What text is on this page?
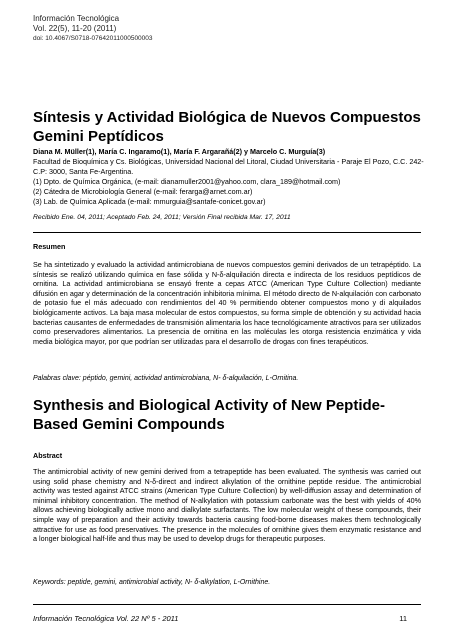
Información Tecnológica
Vol. 22(5), 11-20 (2011)
doi: 10.4067/S0718-07642011000500003
Síntesis y Actividad Biológica de Nuevos Compuestos Gemini Peptídicos

Diana M. Müller(1), María C. Ingaramo(1), María F. Argarañá(2) y Marcelo C. Murguía(3)

Facultad de Bioquímica y Cs. Biológicas, Universidad Nacional del Litoral, Ciudad Universitaria - Paraje El Pozo, C.C. 242- C.P: 3000, Santa Fe-Argentina.

(1) Dpto. de Química Orgánica, (e-mail: dianamuller2001@yahoo.com, clara_189@hotmail.com)

(2) Cátedra de Microbiología General (e-mail: ferarga@arnet.com.ar)

(3) Lab. de Química Aplicada (e-mail: mmurguia@santafe-conicet.gov.ar)

Recibido Ene. 04, 2011; Aceptado Feb. 24, 2011; Versión Final recibida Mar. 17, 2011
Resumen
Se ha sintetizado y evaluado la actividad antimicrobiana de nuevos compuestos gemini derivados de un tetrapéptido. La síntesis se realizó utilizando química en fase sólida y N-δ-alquilación directa e indirecta de los residuos peptídicos de ornitina. La actividad antimicrobiana se ensayó frente a cepas ATCC (American Type Culture Collection) mediante difusión en agar y determinación de la concentración inhibitoria mínima. El método directo de N-alquilación con carbonato de potasio fue el más adecuado con rendimientos del 40 % permitiendo obtener compuestos mono y di alquilados biológicamente activos. La baja masa molecular de estos compuestos, su forma simple de obtención y su actividad hacia bacterias causantes de enfermedades de transmisión alimentaria los hace tecnológicamente atractivos para ser utilizados como preservadores alimentarios. La presencia de ornitina en las moléculas les otorga resistencia enzimática y vida media biológica mayor, por que podrían ser utilizadas para el desarrollo de drogas con fines terapéuticos.
Palabras clave: péptido, gemini, actividad antimicrobiana, N- δ-alquilación, L-Ornitina.
Synthesis and Biological Activity of New Peptide-Based Gemini Compounds
Abstract
The antimicrobial activity of new gemini derived from a tetrapeptide has been evaluated. The synthesis was carried out using solid phase chemistry and N-δ-direct and indirect alkylation of the ornithine peptide residue. The antimicrobial activity was tested against ATCC strains (American Type Culture Collection) by well-diffusion assay and determination of minimal inhibitory concentration. The method of N-alkylation with potassium carbonate was the best with yields of 40% allows achieving biologically active mono and dialkylate surfactants. The low molecular weight of these compounds, their simple way of preparation and their activity towards bacteria causing food-borne diseases makes them technologically attractive for use as food preservatives. The presence in the molecules of ornithine gives them enzymatic resistance and a longer biological half-life and thus may be used to develop drugs for therapeutic purposes.
Keywords: peptide, gemini, antimicrobial activity, N- δ-alkylation, L-Ornithine.
Información Tecnológica Vol. 22 Nº 5 - 2011	11
